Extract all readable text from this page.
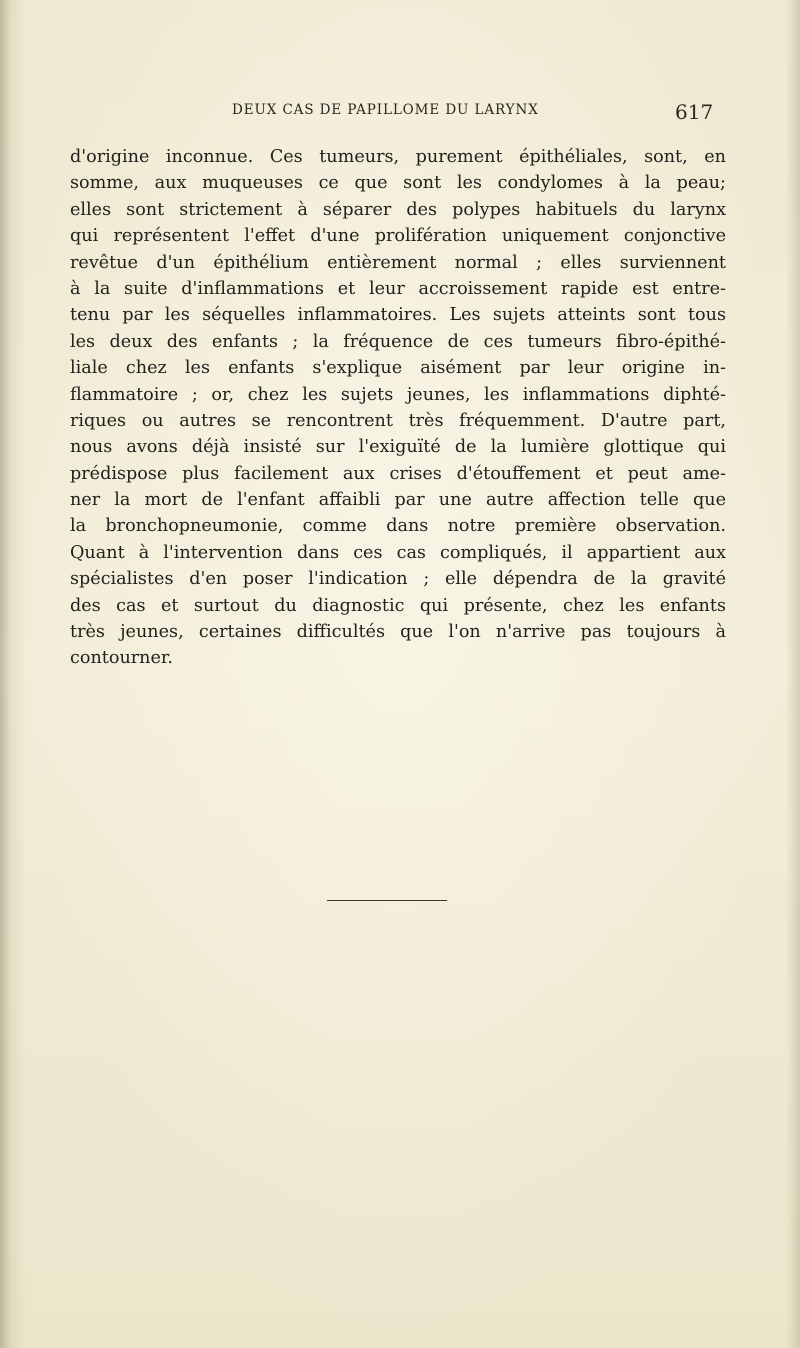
DEUX CAS DE PAPILLOME DU LARYNX	617
d'origine inconnue. Ces tumeurs, purement épithéliales, sont, en
somme, aux muqueuses ce que sont les condylomes à la peau;
elles sont strictement à séparer des polypes habituels du larynx
qui représentent l'effet d'une prolifération uniquement conjonctive
revêtue d'un épithélium entièrement normal ; elles surviennent
à la suite d'inflammations et leur accroissement rapide est entre-
tenu par les séquelles inflammatoires. Les sujets atteints sont tous
les deux des enfants ; la fréquence de ces tumeurs fibro-épithé-
liale chez les enfants s'explique aisément par leur origine in-
flammatoire ; or, chez les sujets jeunes, les inflammations diphté-
riques ou autres se rencontrent très fréquemment. D'autre part,
nous avons déjà insisté sur l'exiguïté de la lumière glottique qui
prédispose plus facilement aux crises d'étouffement et peut ame-
ner la mort de l'enfant affaibli par une autre affection telle que
la bronchopneumonie, comme dans notre première observation.
Quant à l'intervention dans ces cas compliqués, il appartient aux
spécialistes d'en poser l'indication ; elle dépendra de la gravité
des cas et surtout du diagnostic qui présente, chez les enfants
très jeunes, certaines difficultés que l'on n'arrive pas toujours à
contourner.
